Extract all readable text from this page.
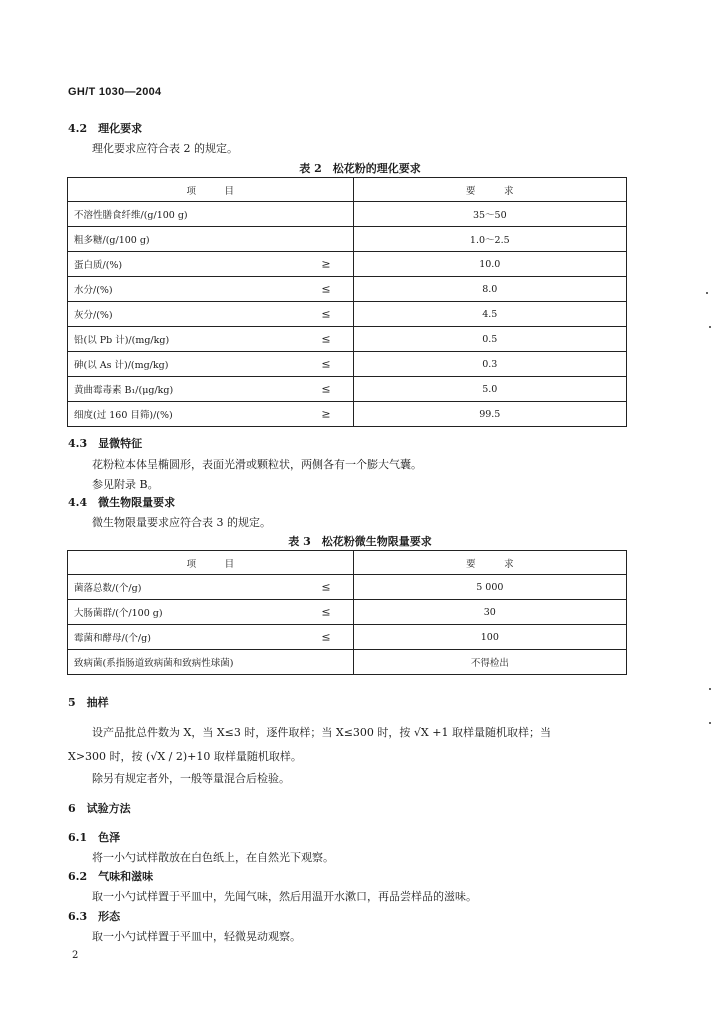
GH/T 1030—2004
4.2　理化要求
理化要求应符合表 2 的规定。
表 2　松花粉的理化要求
项　　　目	要　　　求
不溶性膳食纤维/(g/100 g)	35～50
粗多糖/(g/100 g)	1.0～2.5
蛋白质/(%) ≥	10.0
水分/(%) ≤	8.0
灰分/(%) ≤	4.5
铅(以 Pb 计)/(mg/kg) ≤	0.5
砷(以 As 计)/(mg/kg) ≤	0.3
黄曲霉毒素 B₁/(μg/kg) ≤	5.0
细度(过 160 目筛)/(%) ≥	99.5
4.3　显微特征
花粉粒本体呈椭圆形，表面光滑或颗粒状，两侧各有一个膨大气囊。
参见附录 B。
4.4　微生物限量要求
微生物限量要求应符合表 3 的规定。
表 3　松花粉微生物限量要求
项　　　目	要　　　求
菌落总数/(个/g) ≤	5 000
大肠菌群/(个/100 g) ≤	30
霉菌和酵母/(个/g) ≤	100
致病菌(系指肠道致病菌和致病性球菌)	不得检出
5　抽样
设产品批总件数为 X，当 X≤3 时，逐件取样；当 X≤300 时，按 √X +1 取样量随机取样；当
X>300 时，按 (√X / 2)+10 取样量随机取样。
除另有规定者外，一般等量混合后检验。
6　试验方法
6.1　色泽
将一小勺试样散放在白色纸上，在自然光下观察。
6.2　气味和滋味
取一小勺试样置于平皿中，先闻气味，然后用温开水漱口，再品尝样品的滋味。
6.3　形态
取一小勺试样置于平皿中，轻微晃动观察。
2
